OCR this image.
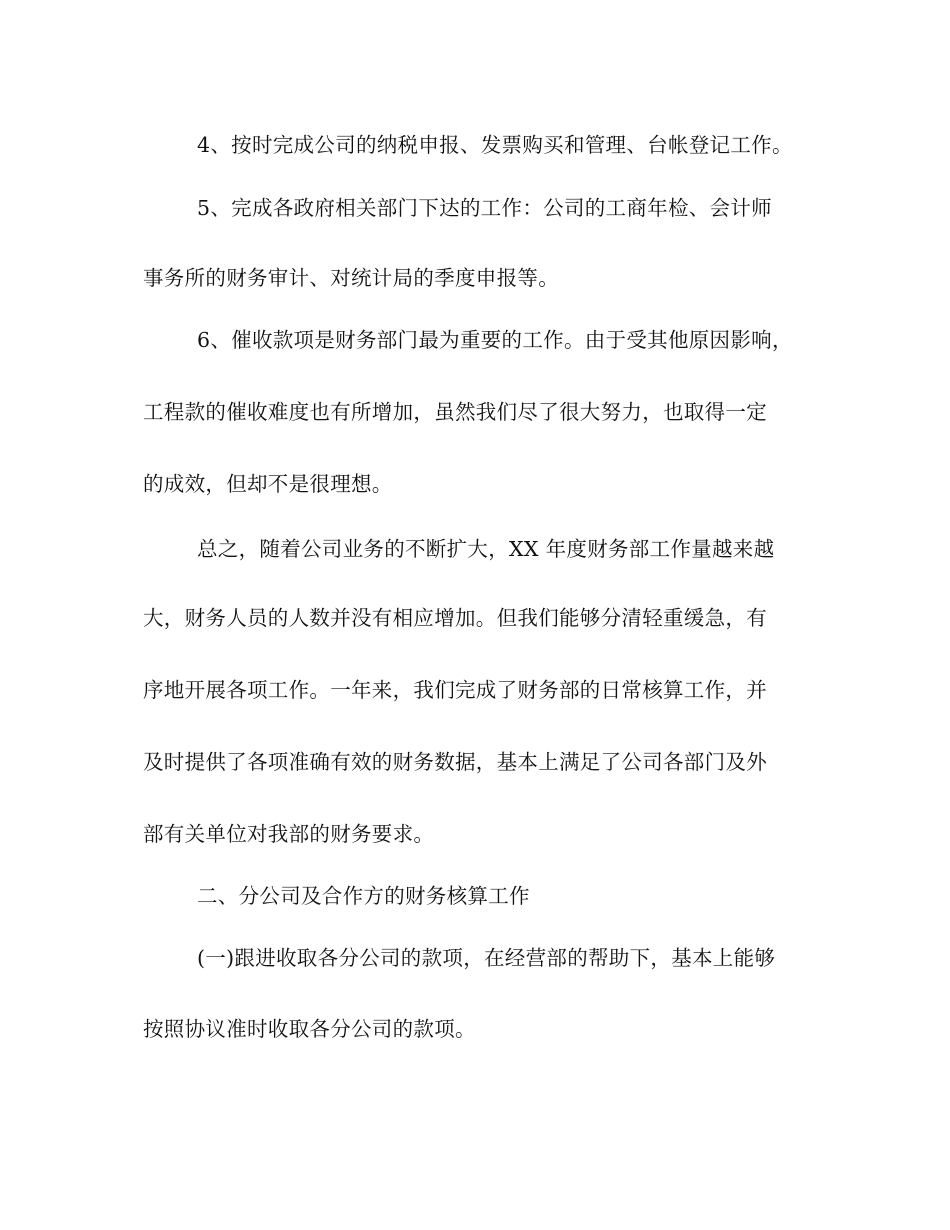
4、按时完成公司的纳税申报、发票购买和管理、台帐登记工作。
5、完成各政府相关部门下达的工作：公司的工商年检、会计师
事务所的财务审计、对统计局的季度申报等。
6、催收款项是财务部门最为重要的工作。由于受其他原因影响，
工程款的催收难度也有所增加，虽然我们尽了很大努力，也取得一定
的成效，但却不是很理想。
总之，随着公司业务的不断扩大，XX 年度财务部工作量越来越
大，财务人员的人数并没有相应增加。但我们能够分清轻重缓急，有
序地开展各项工作。一年来，我们完成了财务部的日常核算工作，并
及时提供了各项准确有效的财务数据，基本上满足了公司各部门及外
部有关单位对我部的财务要求。
二、分公司及合作方的财务核算工作
(一)跟进收取各分公司的款项，在经营部的帮助下，基本上能够
按照协议准时收取各分公司的款项。
